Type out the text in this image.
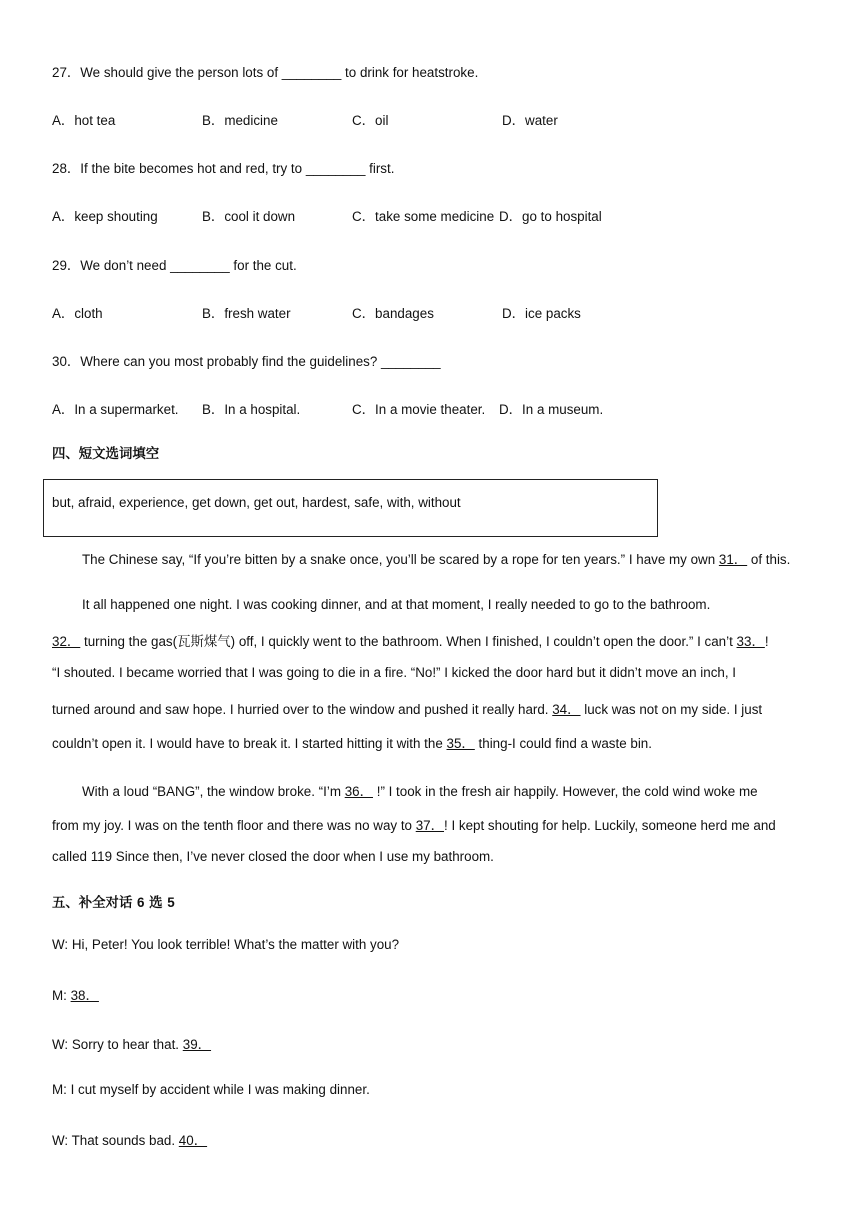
27．We should give the person lots of ________ to drink for heatstroke.
A．hot tea	B．medicine	C．oil	D．water
28．If the bite becomes hot and red, try to ________ first.
A．keep shouting	B．cool it down	C．take some medicine D．go to hospital
29．We don’t need ________ for the cut.
A．cloth	B．fresh water	C．bandages	D．ice packs
30．Where can you most probably find the guidelines? ________
A．In a supermarket. B．In a hospital.	C．In a movie theater. D．In a museum.
四、短文选词填空
but, afraid, experience, get down, get out, hardest, safe, with, without
The Chinese say, “If you’re bitten by a snake once, you’ll be scared by a rope for ten years.” I have my own 31． of this.
It all happened one night. I was cooking dinner, and at that moment, I really needed to go to the bathroom.
32． turning the gas(瓦斯煤气) off, I quickly went to the bathroom. When I finished, I couldn’t open the door.” I can’t 33．!
“I shouted. I became worried that I was going to die in a fire. “No!” I kicked the door hard but it didn’t move an inch, I
turned around and saw hope. I hurried over to the window and pushed it really hard. 34． luck was not on my side. I just
couldn’t open it. I would have to break it. I started hitting it with the 35． thing-I could find a waste bin.
With a loud “BANG”, the window broke. “I’m 36． !” I took in the fresh air happily. However, the cold wind woke me
from my joy. I was on the tenth floor and there was no way to 37．! I kept shouting for help. Luckily, someone herd me and
called 119 Since then, I’ve never closed the door when I use my bathroom.
五、补全对话 6 选 5
W: Hi, Peter! You look terrible! What’s the matter with you?
M: 38．
W: Sorry to hear that. 39．
M: I cut myself by accident while I was making dinner.
W: That sounds bad. 40．
